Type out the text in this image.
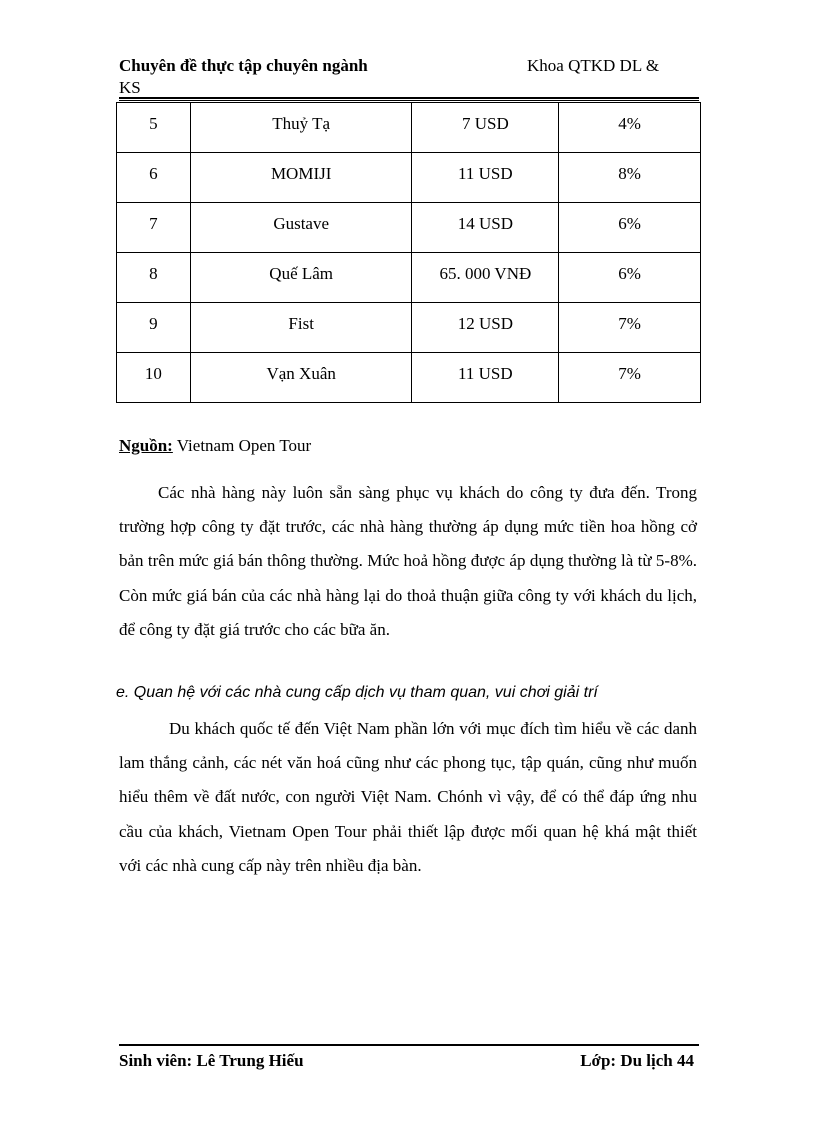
Chuyên đề thực tập chuyên ngành	Khoa QTKD DL &
KS
5	Thuỷ Tạ	7 USD	4%
6	MOMIJI	11 USD	8%
7	Gustave	14 USD	6%
8	Quế Lâm	65. 000 VNĐ	6%
9	Fist	12 USD	7%
10	Vạn Xuân	11 USD	7%
Nguồn: Vietnam Open Tour
Các nhà hàng này luôn sẵn sàng phục vụ khách do công ty đưa đến. Trong trường hợp công ty đặt trước, các nhà hàng thường áp dụng mức tiền hoa hồng cở bản trên mức giá bán thông thường. Mức hoả hồng được áp dụng thường là từ 5-8%. Còn mức giá bán của các nhà hàng lại do thoả thuận giữa công ty với khách du lịch, để công ty đặt giá trước cho các bữa ăn.
e. Quan hệ với các nhà cung cấp dịch vụ tham quan, vui chơi giải trí
Du khách quốc tế đến Việt Nam phần lớn với mục đích tìm hiểu về các danh lam thắng cảnh, các nét văn hoá cũng như các phong tục, tập quán, cũng như muốn hiểu thêm về đất nước, con người Việt Nam. Chónh vì vậy, để có thể đáp ứng nhu cầu của khách, Vietnam Open Tour phải thiết lập được mối quan hệ khá mật thiết với các nhà cung cấp này trên nhiều địa bàn.
Sinh viên: Lê Trung Hiếu	Lớp: Du lịch 44
